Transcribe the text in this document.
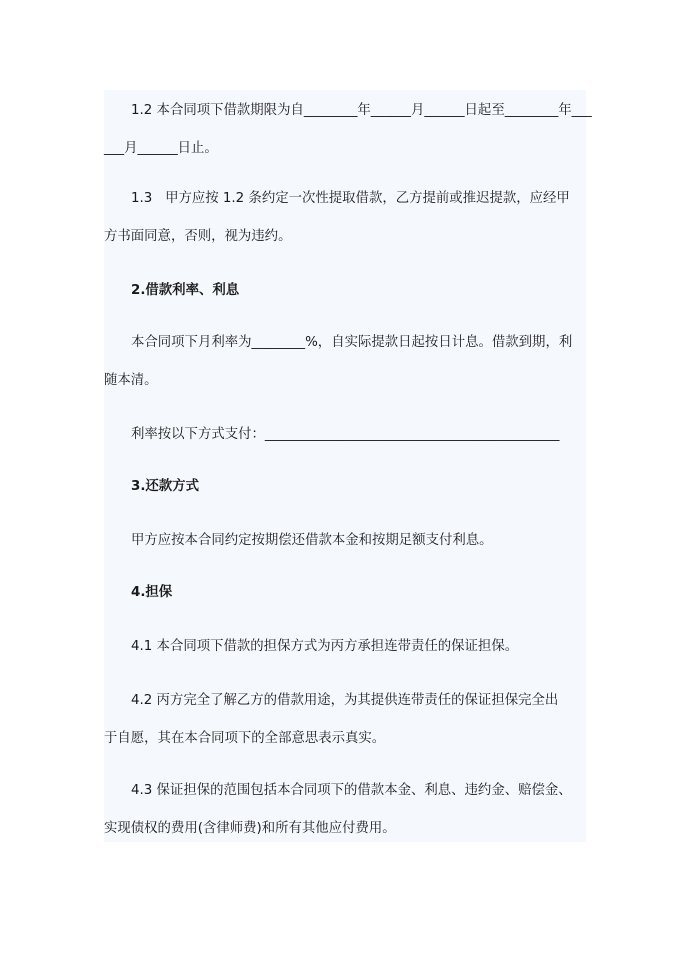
1.2 本合同项下借款期限为自________年______月______日起至________年___
___月______日止。

1.3   甲方应按 1.2 条约定一次性提取借款，乙方提前或推迟提款，应经甲
方书面同意，否则，视为违约。

2.借款利率、利息

本合同项下月利率为________%，自实际提款日起按日计息。借款到期，利
随本清。

利率按以下方式支付：____________________________________________

3.还款方式

甲方应按本合同约定按期偿还借款本金和按期足额支付利息。

4.担保

4.1 本合同项下借款的担保方式为丙方承担连带责任的保证担保。

4.2 丙方完全了解乙方的借款用途，为其提供连带责任的保证担保完全出
于自愿，其在本合同项下的全部意思表示真实。

4.3 保证担保的范围包括本合同项下的借款本金、利息、违约金、赔偿金、
实现债权的费用(含律师费)和所有其他应付费用。
